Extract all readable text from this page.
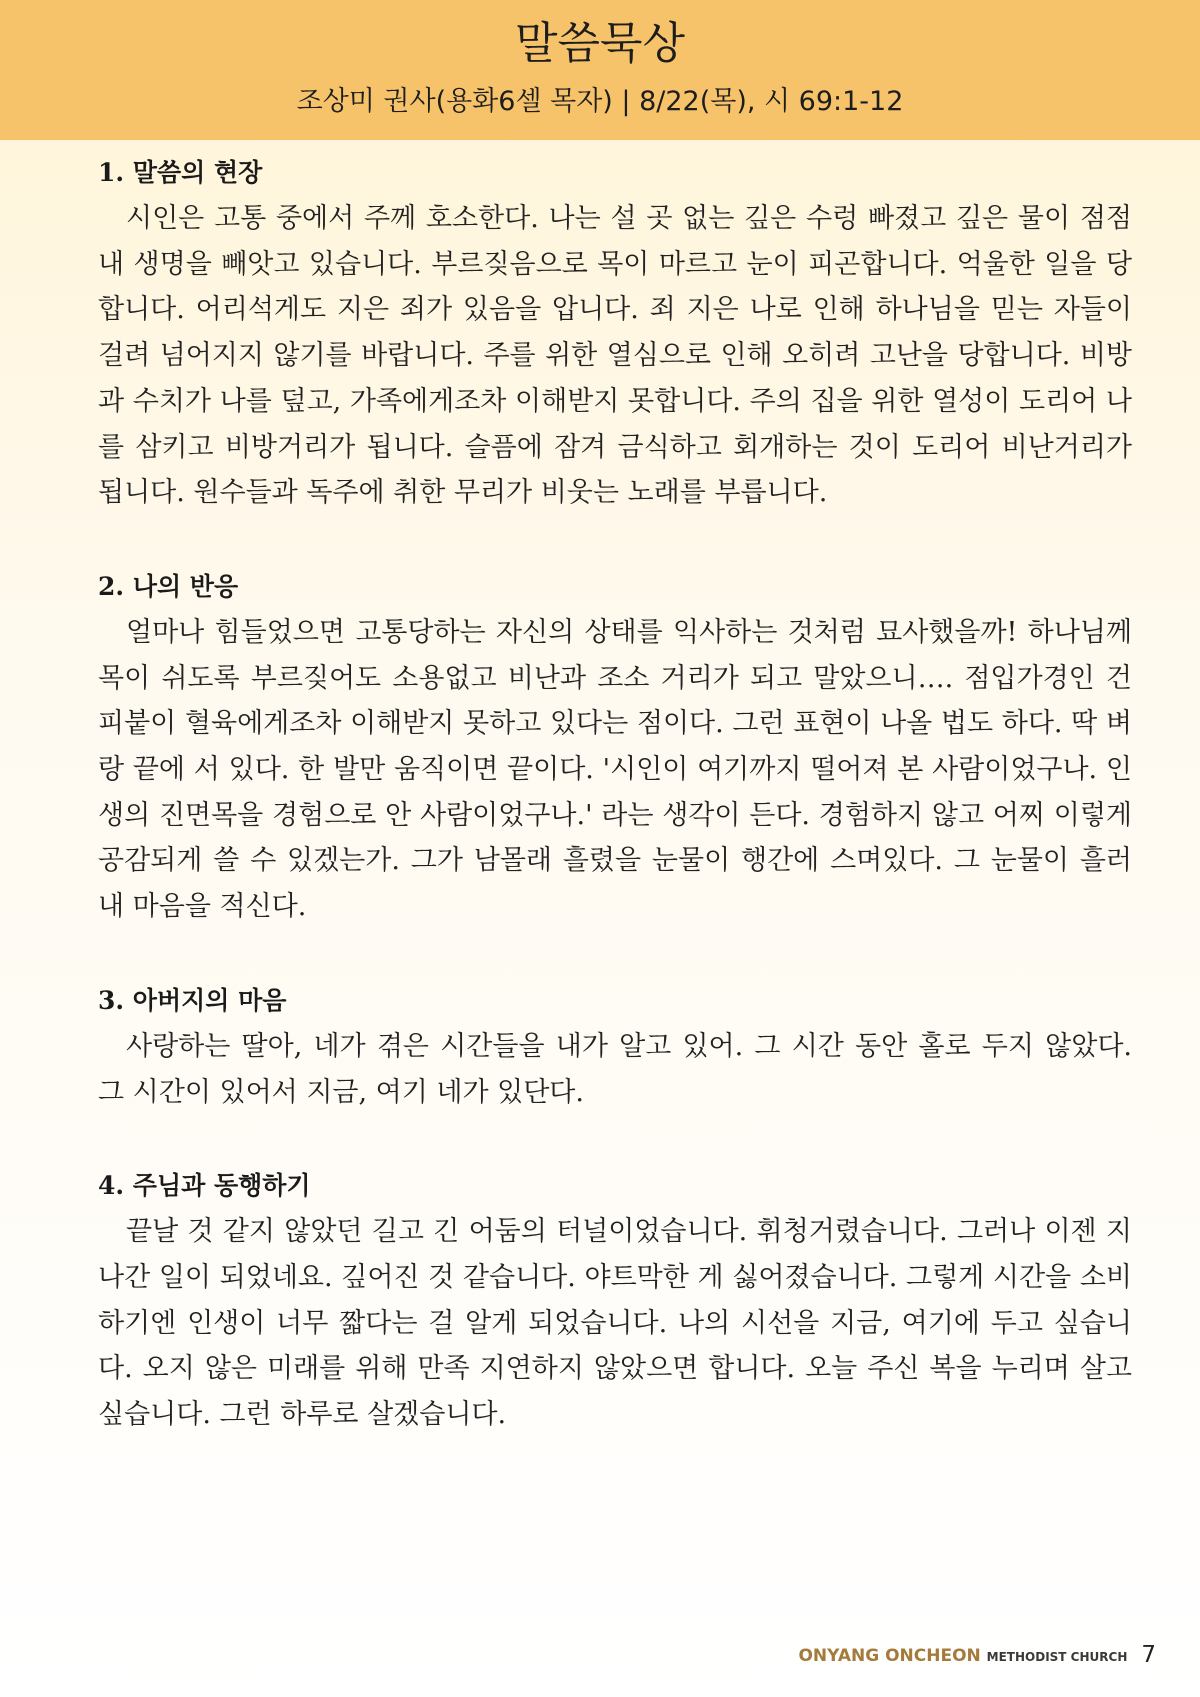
말씀묵상
조상미 권사(용화6셀 목자) | 8/22(목), 시 69:1-12
1. 말씀의 현장

시인은 고통 중에서 주께 호소한다. 나는 설 곳 없는 깊은 수렁 빠졌고 깊은 물이 점점 내 생명을 빼앗고 있습니다. 부르짖음으로 목이 마르고 눈이 피곤합니다. 억울한 일을 당합니다. 어리석게도 지은 죄가 있음을 압니다. 죄 지은 나로 인해 하나님을 믿는 자들이 걸려 넘어지지 않기를 바랍니다. 주를 위한 열심으로 인해 오히려 고난을 당합니다. 비방과 수치가 나를 덮고, 가족에게조차 이해받지 못합니다. 주의 집을 위한 열성이 도리어 나를 삼키고 비방거리가 됩니다. 슬픔에 잠겨 금식하고 회개하는 것이 도리어 비난거리가 됩니다. 원수들과 독주에 취한 무리가 비웃는 노래를 부릅니다.

2. 나의 반응

얼마나 힘들었으면 고통당하는 자신의 상태를 익사하는 것처럼 묘사했을까! 하나님께 목이 쉬도록 부르짖어도 소용없고 비난과 조소 거리가 되고 말았으니…. 점입가경인 건 피붙이 혈육에게조차 이해받지 못하고 있다는 점이다. 그런 표현이 나올 법도 하다. 딱 벼랑 끝에 서 있다. 한 발만 움직이면 끝이다. '시인이 여기까지 떨어져 본 사람이었구나. 인생의 진면목을 경험으로 안 사람이었구나.' 라는 생각이 든다. 경험하지 않고 어찌 이렇게 공감되게 쓸 수 있겠는가. 그가 남몰래 흘렸을 눈물이 행간에 스며있다. 그 눈물이 흘러 내 마음을 적신다.

3. 아버지의 마음

사랑하는 딸아, 네가 겪은 시간들을 내가 알고 있어. 그 시간 동안 홀로 두지 않았다. 그 시간이 있어서 지금, 여기 네가 있단다.

4. 주님과 동행하기

끝날 것 같지 않았던 길고 긴 어둠의 터널이었습니다. 휘청거렸습니다. 그러나 이젠 지나간 일이 되었네요. 깊어진 것 같습니다. 야트막한 게 싫어졌습니다. 그렇게 시간을 소비하기엔 인생이 너무 짧다는 걸 알게 되었습니다. 나의 시선을 지금, 여기에 두고 싶습니다. 오지 않은 미래를 위해 만족 지연하지 않았으면 합니다. 오늘 주신 복을 누리며 살고 싶습니다. 그런 하루로 살겠습니다.

ONYANG ONCHEON METHODIST CHURCH 7
